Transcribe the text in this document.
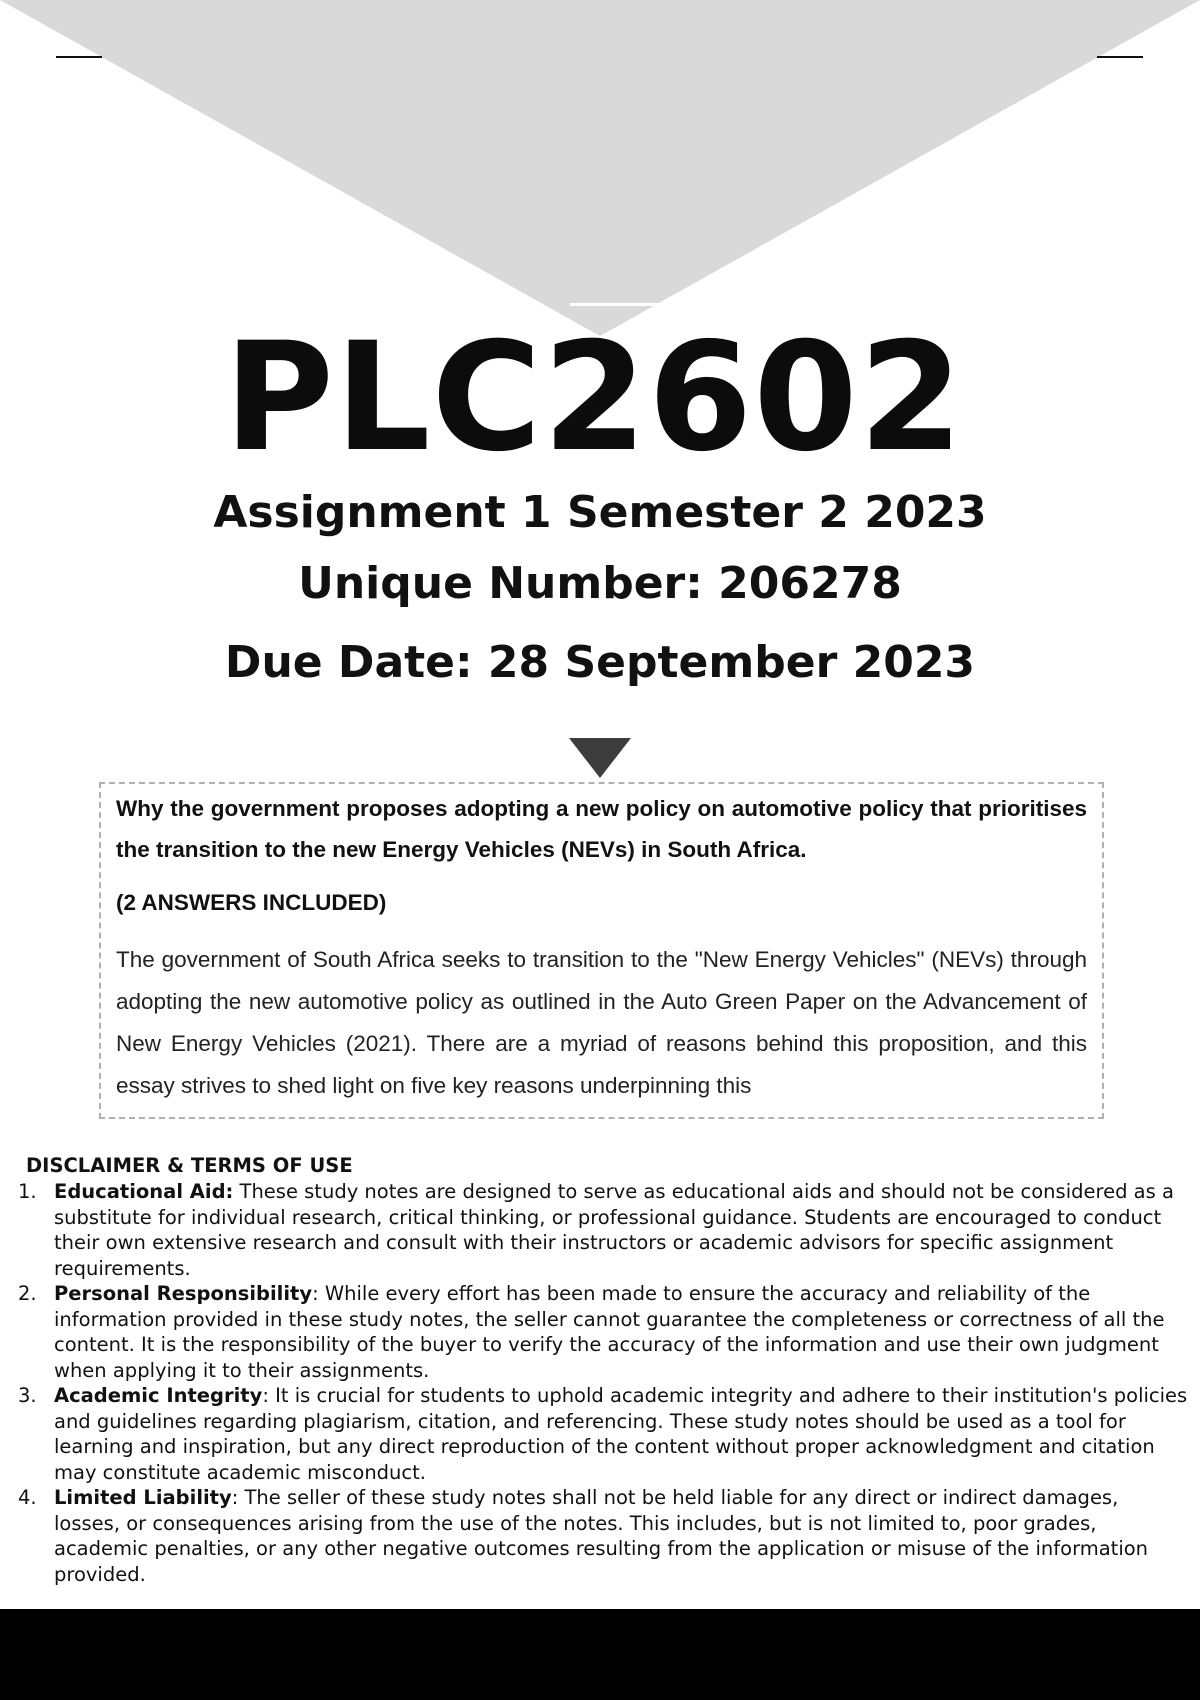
PLC2602
Assignment 1 Semester 2 2023
Unique Number: 206278
Due Date: 28 September 2023

Why the government proposes adopting a new policy on automotive policy that prioritises the transition to the new Energy Vehicles (NEVs) in South Africa.

(2 ANSWERS INCLUDED)

The government of South Africa seeks to transition to the "New Energy Vehicles" (NEVs) through adopting the new automotive policy as outlined in the Auto Green Paper on the Advancement of New Energy Vehicles (2021). There are a myriad of reasons behind this proposition, and this essay strives to shed light on five key reasons underpinning this

DISCLAIMER & TERMS OF USE

1. Educational Aid: These study notes are designed to serve as educational aids and should not be considered as a substitute for individual research, critical thinking, or professional guidance. Students are encouraged to conduct their own extensive research and consult with their instructors or academic advisors for specific assignment requirements.
2. Personal Responsibility: While every effort has been made to ensure the accuracy and reliability of the information provided in these study notes, the seller cannot guarantee the completeness or correctness of all the content. It is the responsibility of the buyer to verify the accuracy of the information and use their own judgment when applying it to their assignments.
3. Academic Integrity: It is crucial for students to uphold academic integrity and adhere to their institution's policies and guidelines regarding plagiarism, citation, and referencing. These study notes should be used as a tool for learning and inspiration, but any direct reproduction of the content without proper acknowledgment and citation may constitute academic misconduct.
4. Limited Liability: The seller of these study notes shall not be held liable for any direct or indirect damages, losses, or consequences arising from the use of the notes. This includes, but is not limited to, poor grades, academic penalties, or any other negative outcomes resulting from the application or misuse of the information provided.
